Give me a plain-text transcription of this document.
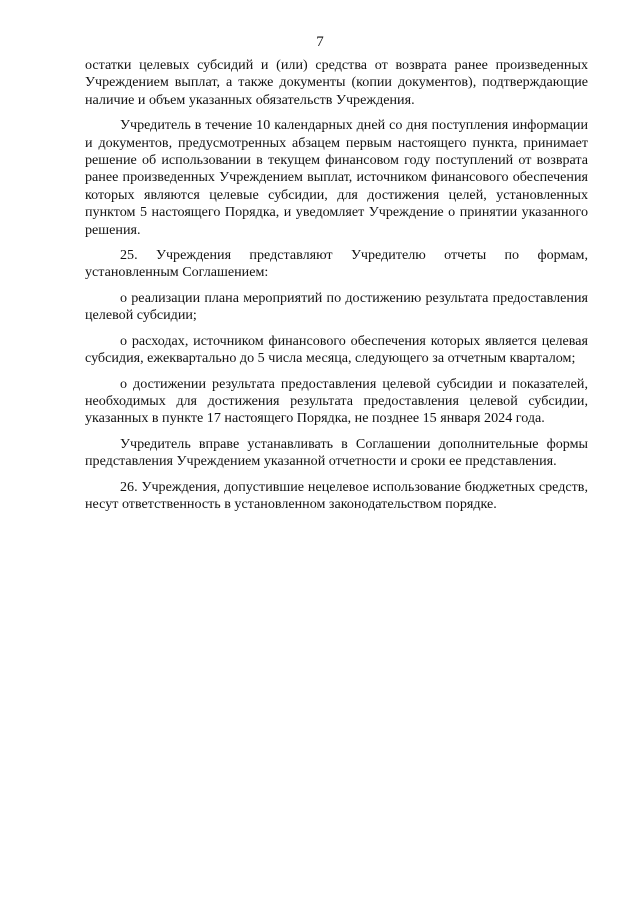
7

остатки целевых субсидий и (или) средства от возврата ранее произведенных Учреждением выплат, а также документы (копии документов), подтверждающие наличие и объем указанных обязательств Учреждения.

Учредитель в течение 10 календарных дней со дня поступления информации и документов, предусмотренных абзацем первым настоящего пункта, принимает решение об использовании в текущем финансовом году поступлений от возврата ранее произведенных Учреждением выплат, источником финансового обеспечения которых являются целевые субсидии, для достижения целей, установленных пунктом 5 настоящего Порядка, и уведомляет Учреждение о принятии указанного решения.

25. Учреждения представляют Учредителю отчеты по формам, установленным Соглашением:

о реализации плана мероприятий по достижению результата предоставления целевой субсидии;

о расходах, источником финансового обеспечения которых является целевая субсидия, ежеквартально до 5 числа месяца, следующего за отчетным кварталом;

о достижении результата предоставления целевой субсидии и показателей, необходимых для достижения результата предоставления целевой субсидии, указанных в пункте 17 настоящего Порядка, не позднее 15 января 2024 года.

Учредитель вправе устанавливать в Соглашении дополнительные формы представления Учреждением указанной отчетности и сроки ее представления.

26. Учреждения, допустившие нецелевое использование бюджетных средств, несут ответственность в установленном законодательством порядке.
